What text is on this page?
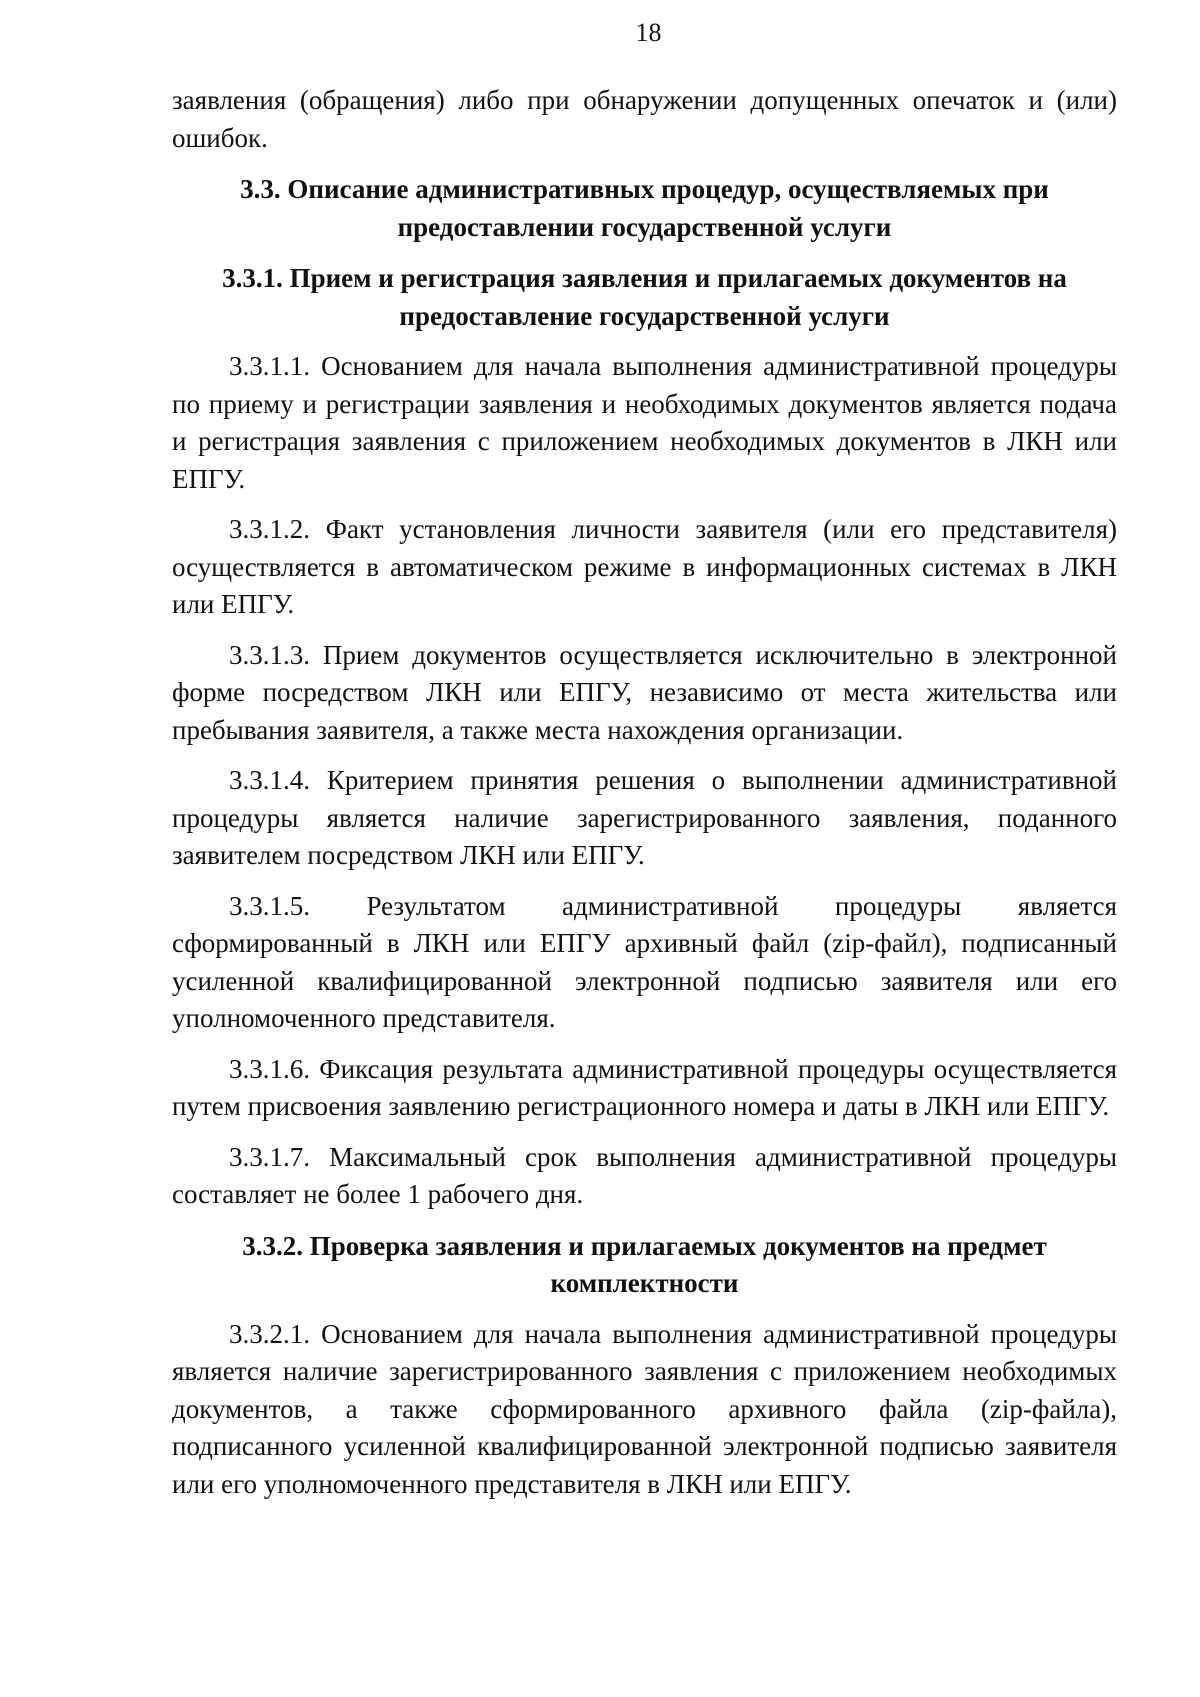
18

заявления (обращения) либо при обнаружении допущенных опечаток и (или) ошибок.

3.3. Описание административных процедур, осуществляемых при
предоставлении государственной услуги
3.3.1. Прием и регистрация заявления и прилагаемых документов на
предоставление государственной услуги

3.3.1.1. Основанием для начала выполнения административной процедуры по приему и регистрации заявления и необходимых документов является подача и регистрация заявления с приложением необходимых документов в ЛКН или ЕПГУ.

3.3.1.2. Факт установления личности заявителя (или его представителя) осуществляется в автоматическом режиме в информационных системах в ЛКН или ЕПГУ.

3.3.1.3. Прием документов осуществляется исключительно в электронной форме посредством ЛКН или ЕПГУ, независимо от места жительства или пребывания заявителя, а также места нахождения организации.

3.3.1.4. Критерием принятия решения о выполнении административной процедуры является наличие зарегистрированного заявления, поданного заявителем посредством ЛКН или ЕПГУ.

3.3.1.5. Результатом административной процедуры является сформированный в ЛКН или ЕПГУ архивный файл (zip-файл), подписанный усиленной квалифицированной электронной подписью заявителя или его уполномоченного представителя.

3.3.1.6. Фиксация результата административной процедуры осуществляется путем присвоения заявлению регистрационного номера и даты в ЛКН или ЕПГУ.

3.3.1.7. Максимальный срок выполнения административной процедуры составляет не более 1 рабочего дня.

3.3.2. Проверка заявления и прилагаемых документов на предмет
комплектности

3.3.2.1. Основанием для начала выполнения административной процедуры является наличие зарегистрированного заявления с приложением необходимых документов, а также сформированного архивного файла (zip-файла), подписанного усиленной квалифицированной электронной подписью заявителя или его уполномоченного представителя в ЛКН или ЕПГУ.
